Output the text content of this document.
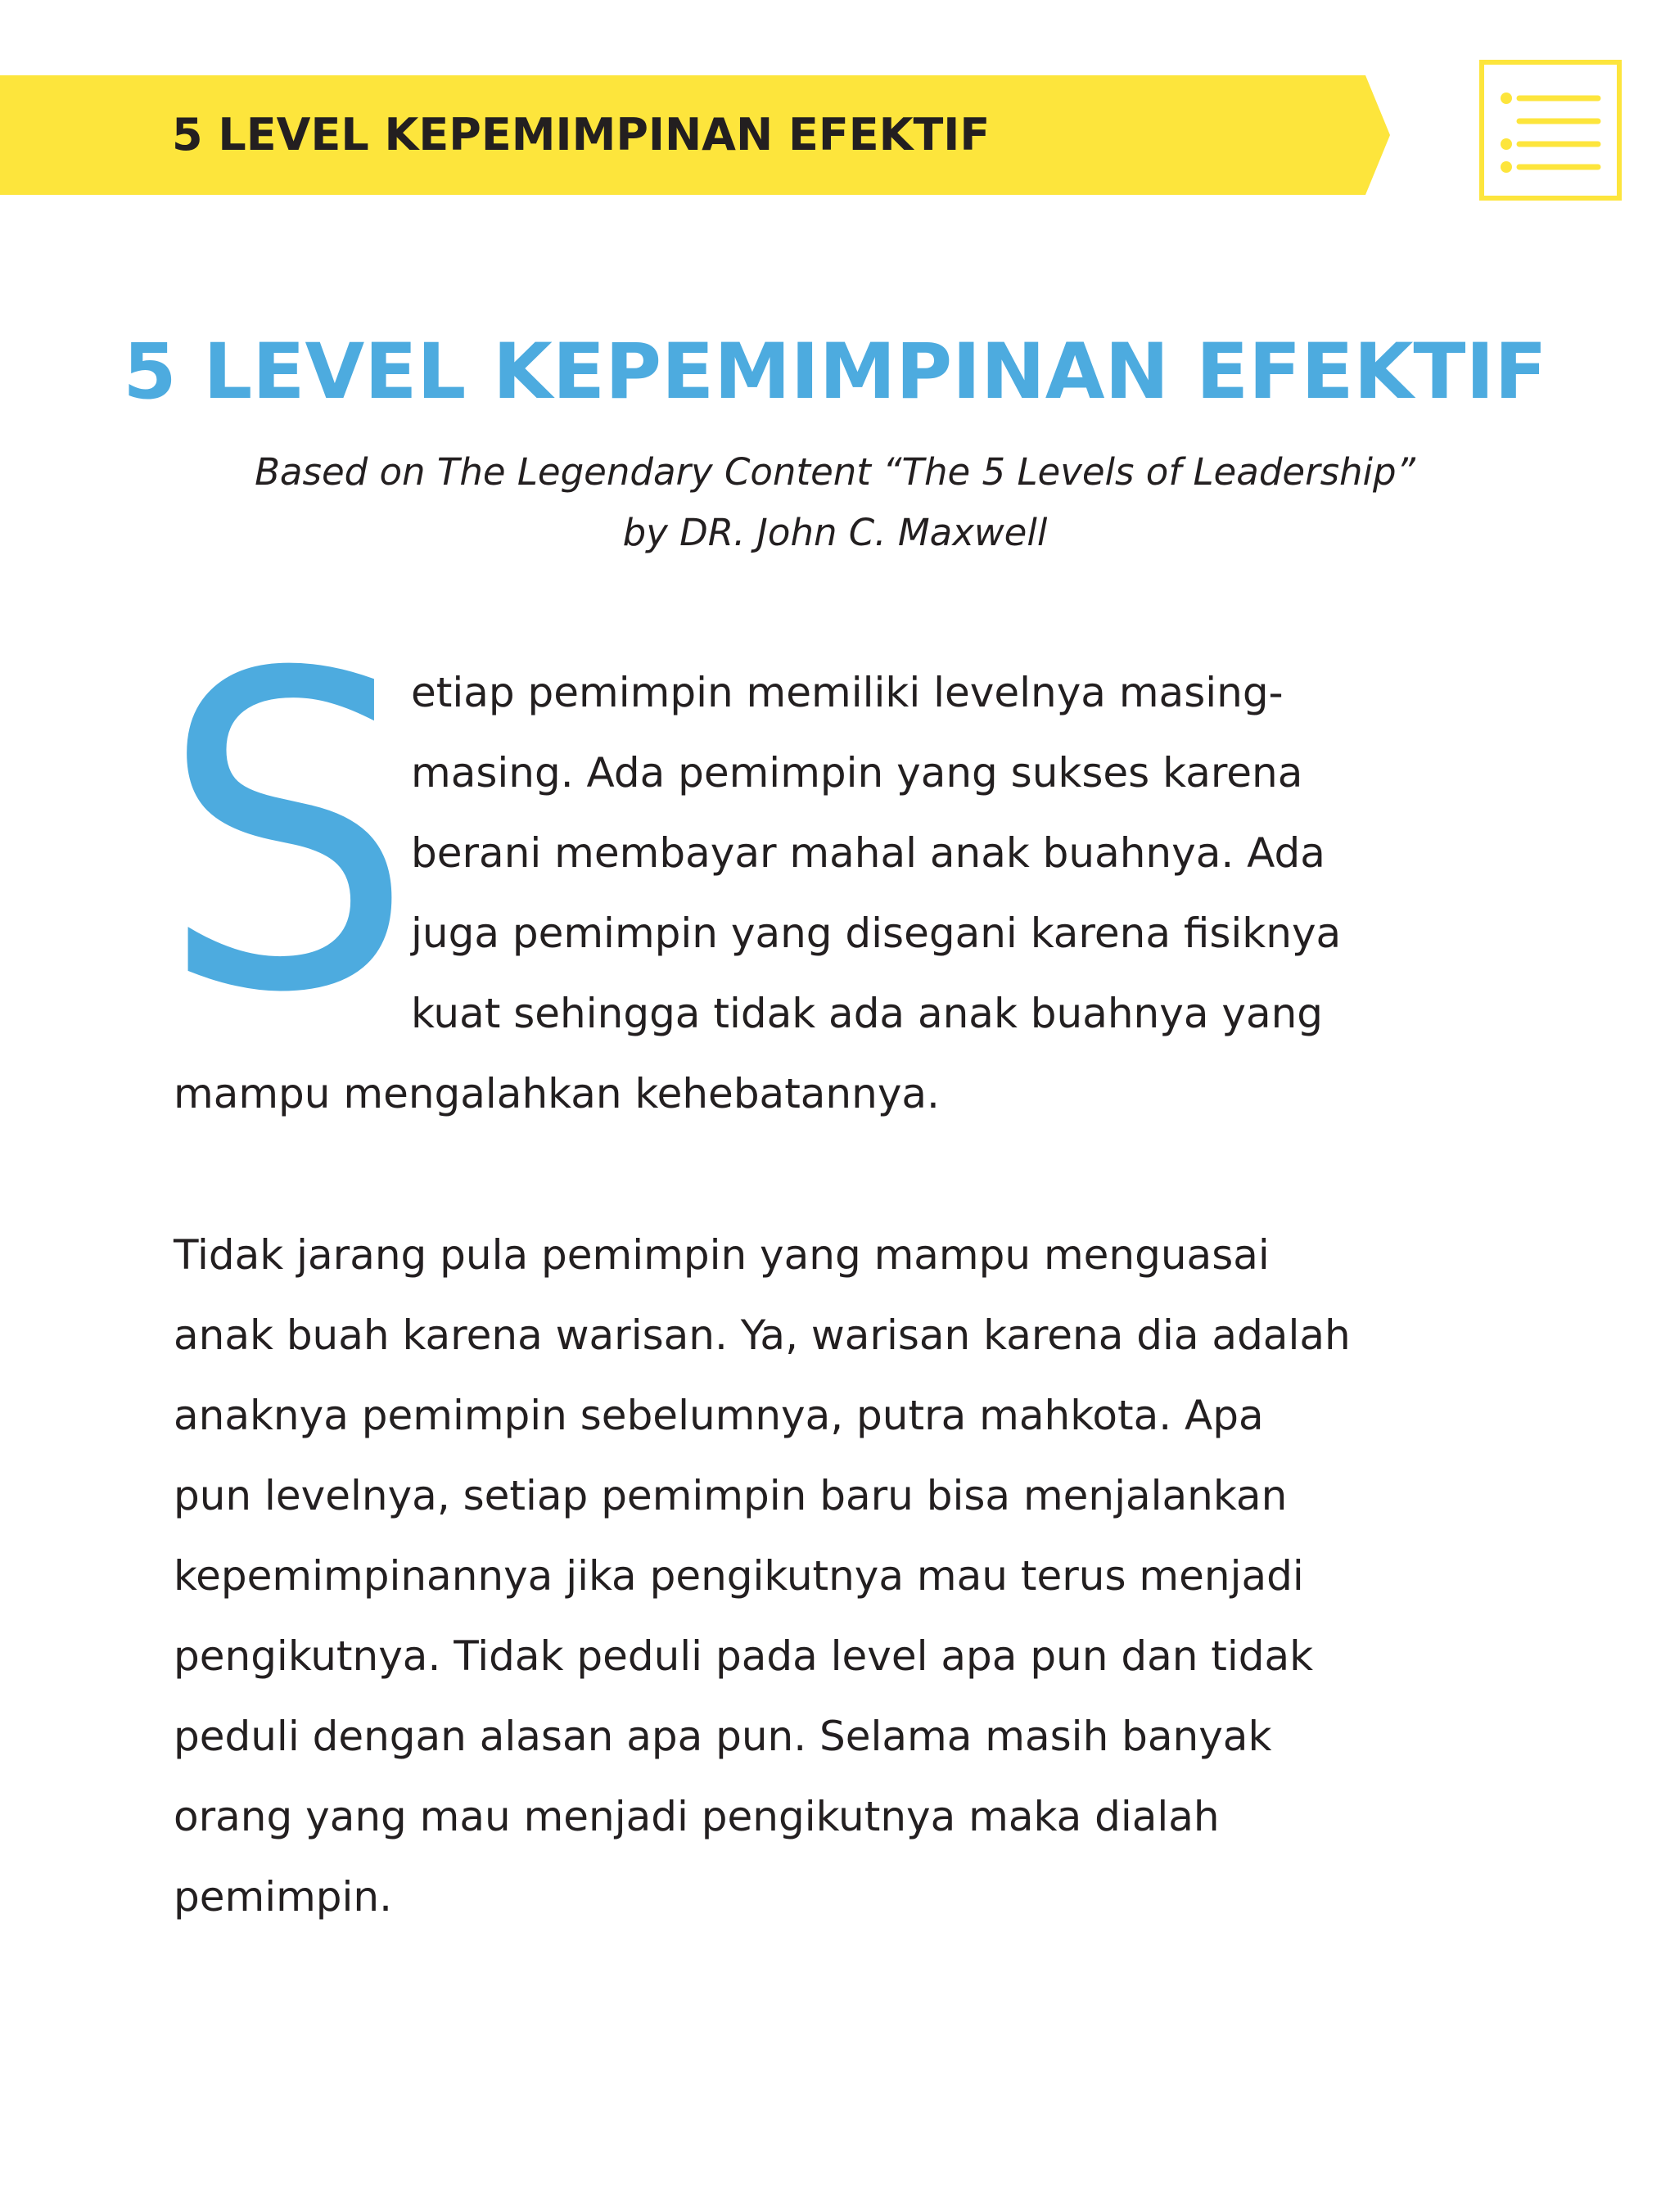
5 LEVEL KEPEMIMPINAN EFEKTIF
5 LEVEL KEPEMIMPINAN EFEKTIF
Based on The Legendary Content “The 5 Levels of Leadership”
by DR. John C. Maxwell
S
etiap pemimpin memiliki levelnya masing-
masing. Ada pemimpin yang sukses karena
berani membayar mahal anak buahnya. Ada
juga pemimpin yang disegani karena fisiknya
kuat sehingga tidak ada anak buahnya yang
mampu mengalahkan kehebatannya.
Tidak jarang pula pemimpin yang mampu menguasai
anak buah karena warisan. Ya, warisan karena dia adalah
anaknya pemimpin sebelumnya, putra mahkota. Apa
pun levelnya, setiap pemimpin baru bisa menjalankan
kepemimpinannya jika pengikutnya mau terus menjadi
pengikutnya. Tidak peduli pada level apa pun dan tidak
peduli dengan alasan apa pun. Selama masih banyak
orang yang mau menjadi pengikutnya maka dialah
pemimpin.
